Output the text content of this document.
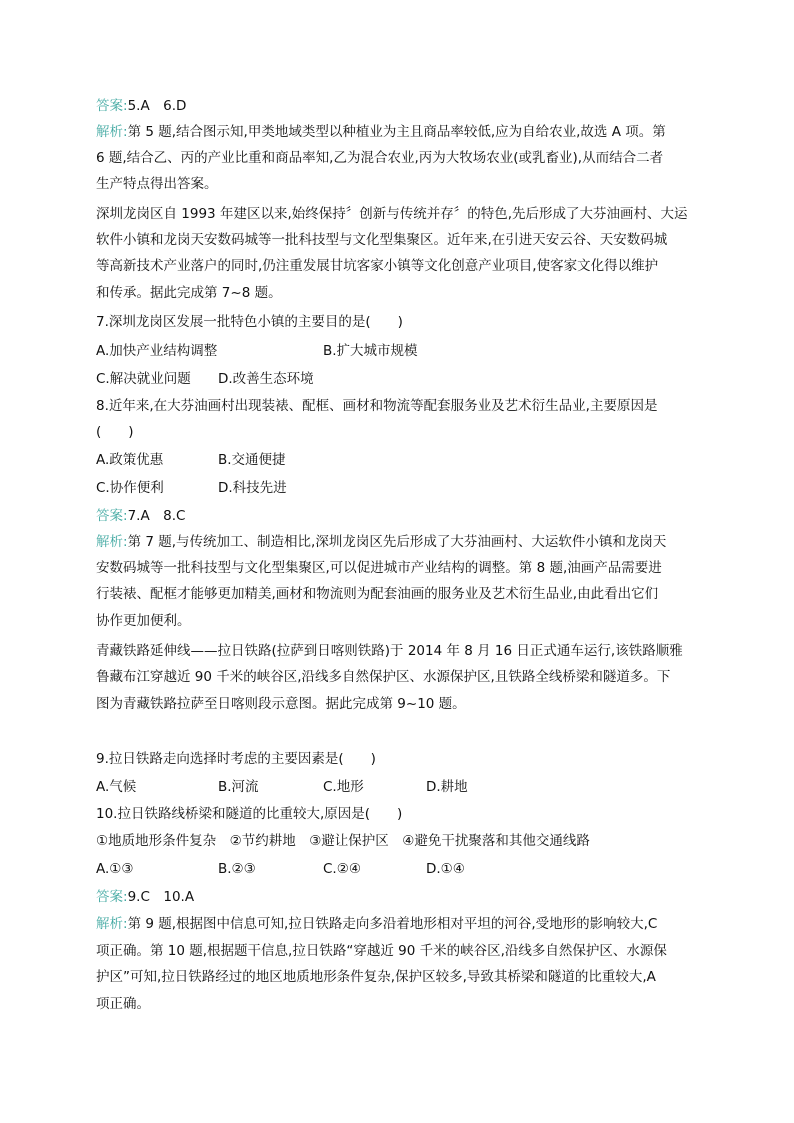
答案:5.A　6.D
解析:第 5 题,结合图示知,甲类地域类型以种植业为主且商品率较低,应为自给农业,故选 A 项。第
6 题,结合乙、丙的产业比重和商品率知,乙为混合农业,丙为大牧场农业(或乳畜业),从而结合二者
生产特点得出答案。
深圳龙岗区自 1993 年建区以来,始终保持〞创新与传统并存〞的特色,先后形成了大芬油画村、大运
软件小镇和龙岗天安数码城等一批科技型与文化型集聚区。近年来,在引进天安云谷、天安数码城
等高新技术产业落户的同时,仍注重发展甘坑客家小镇等文化创意产业项目,使客家文化得以维护
和传承。据此完成第 7~8 题。
7.深圳龙岗区发展一批特色小镇的主要目的是(　　)
A.加快产业结构调整	B.扩大城市规模
C.解决就业问题 D.改善生态环境
8.近年来,在大芬油画村出现装裱、配框、画材和物流等配套服务业及艺术衍生品业,主要原因是
(　　)
A.政策优惠	B.交通便捷
C.协作便利	D.科技先进
答案:7.A　8.C
解析:第 7 题,与传统加工、制造相比,深圳龙岗区先后形成了大芬油画村、大运软件小镇和龙岗天
安数码城等一批科技型与文化型集聚区,可以促进城市产业结构的调整。第 8 题,油画产品需要进
行装裱、配框才能够更加精美,画材和物流则为配套油画的服务业及艺术衍生品业,由此看出它们
协作更加便利。
青藏铁路延伸线——拉日铁路(拉萨到日喀则铁路)于 2014 年 8 月 16 日正式通车运行,该铁路顺雅
鲁藏布江穿越近 90 千米的峡谷区,沿线多自然保护区、水源保护区,且铁路全线桥梁和隧道多。下
图为青藏铁路拉萨至日喀则段示意图。据此完成第 9~10 题。
9.拉日铁路走向选择时考虑的主要因素是(　　)
A.气候	B.河流	C.地形	D.耕地
10.拉日铁路线桥梁和隧道的比重较大,原因是(　　)
①地质地形条件复杂　②节约耕地　③避让保护区　④避免干扰聚落和其他交通线路
A.①③	B.②③	C.②④	D.①④
答案:9.C　10.A
解析:第 9 题,根据图中信息可知,拉日铁路走向多沿着地形相对平坦的河谷,受地形的影响较大,C
项正确。第 10 题,根据题干信息,拉日铁路“穿越近 90 千米的峡谷区,沿线多自然保护区、水源保
护区”可知,拉日铁路经过的地区地质地形条件复杂,保护区较多,导致其桥梁和隧道的比重较大,A
项正确。
